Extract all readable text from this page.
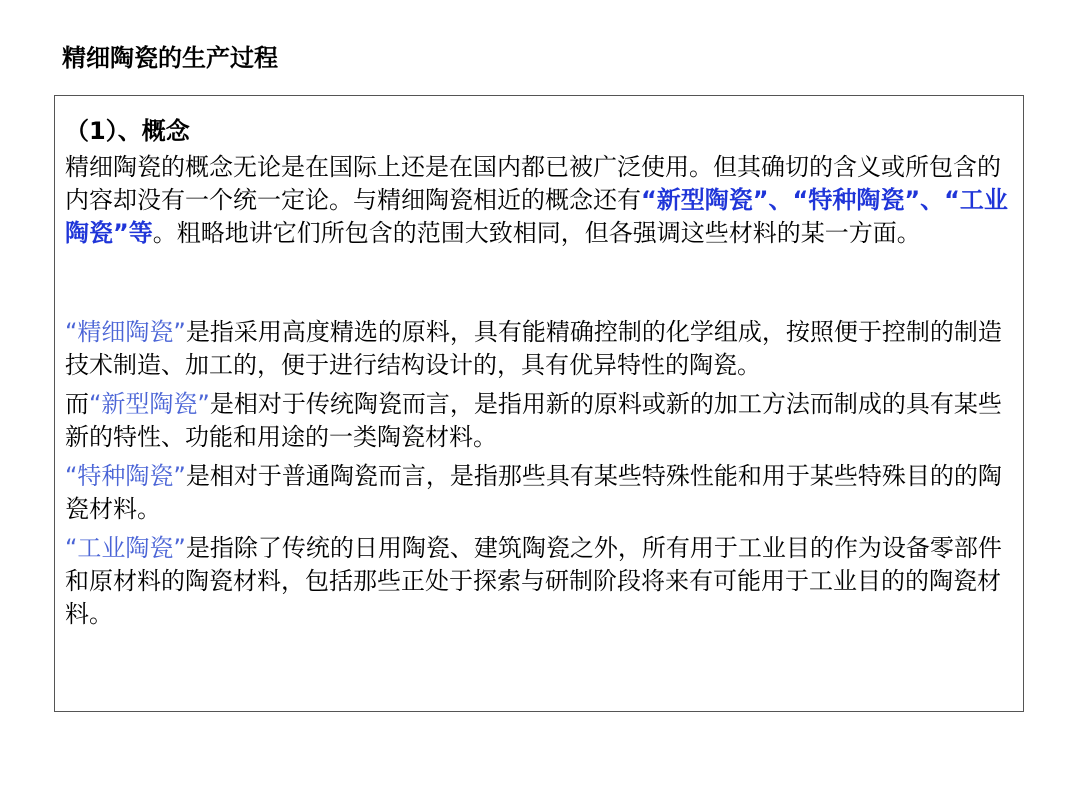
精细陶瓷的生产过程
（1）、概念

精细陶瓷的概念无论是在国际上还是在国内都已被广泛使用。但其确切的含义或所包含的内容却没有一个统一定论。与精细陶瓷相近的概念还有“新型陶瓷”、“特种陶瓷”、“工业陶瓷”等。粗略地讲它们所包含的范围大致相同，但各强调这些材料的某一方面。

“精细陶瓷”是指采用高度精选的原料，具有能精确控制的化学组成，按照便于控制的制造技术制造、加工的，便于进行结构设计的，具有优异特性的陶瓷。

而“新型陶瓷”是相对于传统陶瓷而言，是指用新的原料或新的加工方法而制成的具有某些新的特性、功能和用途的一类陶瓷材料。

“特种陶瓷”是相对于普通陶瓷而言，是指那些具有某些特殊性能和用于某些特殊目的的陶瓷材料。

“工业陶瓷”是指除了传统的日用陶瓷、建筑陶瓷之外，所有用于工业目的作为设备零部件和原材料的陶瓷材料，包括那些正处于探索与研制阶段将来有可能用于工业目的的陶瓷材料。
